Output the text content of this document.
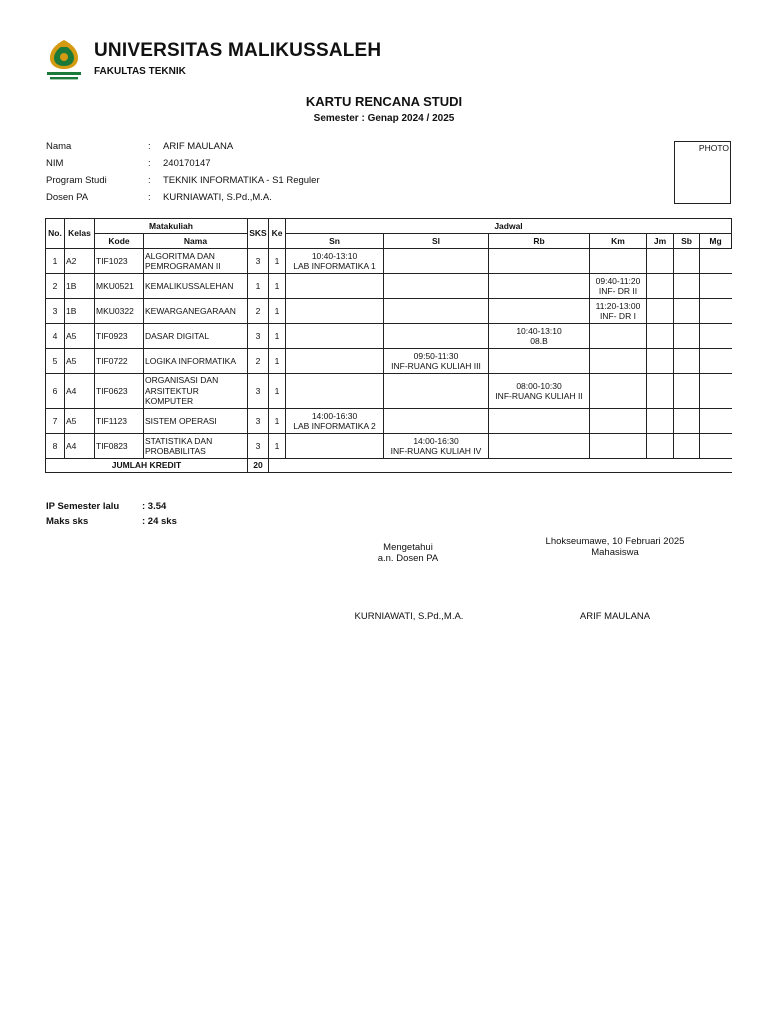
UNIVERSITAS MALIKUSSALEH
FAKULTAS TEKNIK
KARTU RENCANA STUDI
Semester : Genap 2024 / 2025
Nama	:	ARIF MAULANA
NIM	:	240170147
Program Studi	:	TEKNIK INFORMATIKA - S1 Reguler
Dosen PA	:	KURNIAWATI, S.Pd.,M.A.
PHOTO
No.	Kelas	Matakuliah		SKS	Ke	Jadwal						
		Kode	Nama			Sn	Sl	Rb	Km	Jm	Sb	Mg
1	A2	TIF1023	ALGORITMA DAN PEMROGRAMAN II	3	1	10:40-13:10
LAB INFORMATIKA 1						

2	1B	MKU0521	KEMALIKUSSALEHAN	1	1				09:40-11:20
INF- DR II			

3	1B	MKU0322	KEWARGANEGARAAN	2	1				11:20-13:00
INF- DR I			

4	A5	TIF0923	DASAR DIGITAL	3	1			10:40-13:10
08.B				

5	A5	TIF0722	LOGIKA INFORMATIKA	2	1		09:50-11:30
INF-RUANG KULIAH III					

6	A4	TIF0623	ORGANISASI DAN ARSITEKTUR KOMPUTER	3	1			08:00-10:30
INF-RUANG KULIAH II				

7	A5	TIF1123	SISTEM OPERASI	3	1	14:00-16:30
LAB INFORMATIKA 2						

8	A4	TIF0823	STATISTIKA DAN PROBABILITAS	3	1		14:00-16:30
INF-RUANG KULIAH IV					

JUMLAH KREDIT				20								
IP Semester lalu	: 3.54
Maks sks	: 24 sks
Mengetahui
a.n. Dosen PA
Lhokseumawe, 10 Februari 2025
Mahasiswa
KURNIAWATI, S.Pd.,M.A.	ARIF MAULANA
